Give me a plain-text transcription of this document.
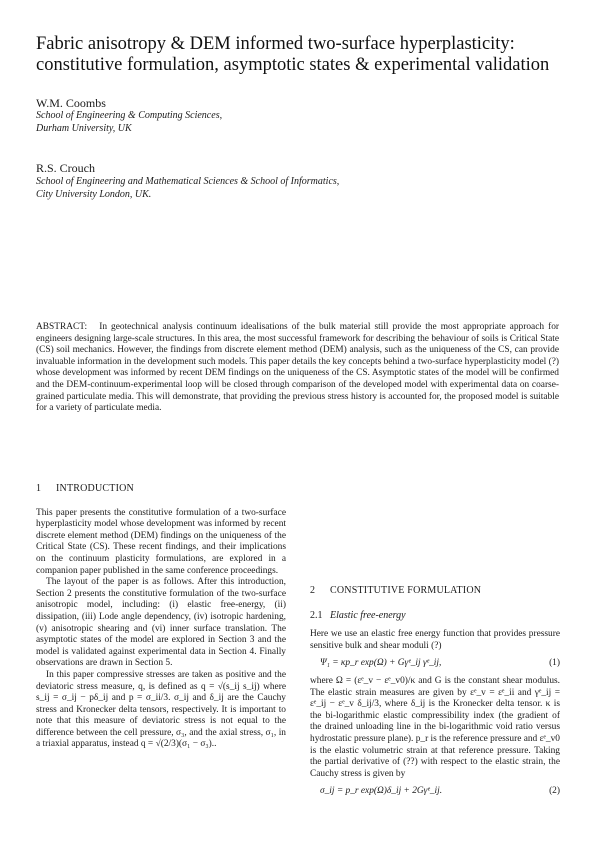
Fabric anisotropy & DEM informed two-surface hyperplasticity:
constitutive formulation, asymptotic states & experimental validation
W.M. Coombs
School of Engineering & Computing Sciences,
Durham University, UK
R.S. Crouch
School of Engineering and Mathematical Sciences & School of Informatics,
City University London, UK.
ABSTRACT: In geotechnical analysis continuum idealisations of the bulk material still provide the most appropriate approach for engineers designing large-scale structures. In this area, the most successful framework for describing the behaviour of soils is Critical State (CS) soil mechanics. However, the findings from discrete element method (DEM) analysis, such as the uniqueness of the CS, can provide invaluable information in the development such models. This paper details the key concepts behind a two-surface hyperplasticity model (?) whose development was informed by recent DEM findings on the uniqueness of the CS. Asymptotic states of the model will be confirmed and the DEM-continuum-experimental loop will be closed through comparison of the developed model with experimental data on coarse-grained particulate media. This will demonstrate, that providing the previous stress history is accounted for, the proposed model is suitable for a variety of particulate media.
1 INTRODUCTION

This paper presents the constitutive formulation of a two-surface hyperplasticity model whose development was informed by recent discrete element method (DEM) findings on the uniqueness of the Critical State (CS). These recent findings, and their implications on the continuum plasticity formulations, are explored in a companion paper published in the same conference proceedings.

The layout of the paper is as follows. After this introduction, Section 2 presents the constitutive formulation of the two-surface anisotropic model, including: (i) elastic free-energy, (ii) dissipation, (iii) Lode angle dependency, (iv) isotropic hardening, (v) anisotropic shearing and (vi) inner surface translation. The asymptotic states of the model are explored in Section 3 and the model is validated against experimental data in Section 4. Finally observations are drawn in Section 5.

In this paper compressive stresses are taken as positive and the deviatoric stress measure, q, is defined as q = √(s_ij s_ij) where s_ij = σ_ij − pδ_ij and p = σ_ii/3. σ_ij and δ_ij are the Cauchy stress and Kronecker delta tensors, respectively. It is important to note that this measure of deviatoric stress is not equal to the difference between the cell pressure, σ₃, and the axial stress, σ₁, in a triaxial apparatus, instead q = √(2/3)(σ₁ − σ₃)..

2 CONSTITUTIVE FORMULATION
2.1 Elastic free-energy

Here we use an elastic free energy function that provides pressure sensitive bulk and shear moduli (?)

Ψ₁ = κp_r exp(Ω) + Gγᵉ_ij γᵉ_ij,	(1)

where Ω = (εᵉ_v − εᵉ_v0)/κ and G is the constant shear modulus. The elastic strain measures are given by εᵉ_v = εᵉ_ii and γᵉ_ij = εᵉ_ij − εᵉ_v δ_ij/3, where δ_ij is the Kronecker delta tensor. κ is the bi-logarithmic elastic compressibility index (the gradient of the drained unloading line in the bi-logarithmic void ratio versus hydrostatic pressure plane). p_r is the reference pressure and εᵉ_v0 is the elastic volumetric strain at that reference pressure. Taking the partial derivative of (??) with respect to the elastic strain, the Cauchy stress is given by

σ_ij = p_r exp(Ω)δ_ij + 2Gγᵉ_ij.	(2)
